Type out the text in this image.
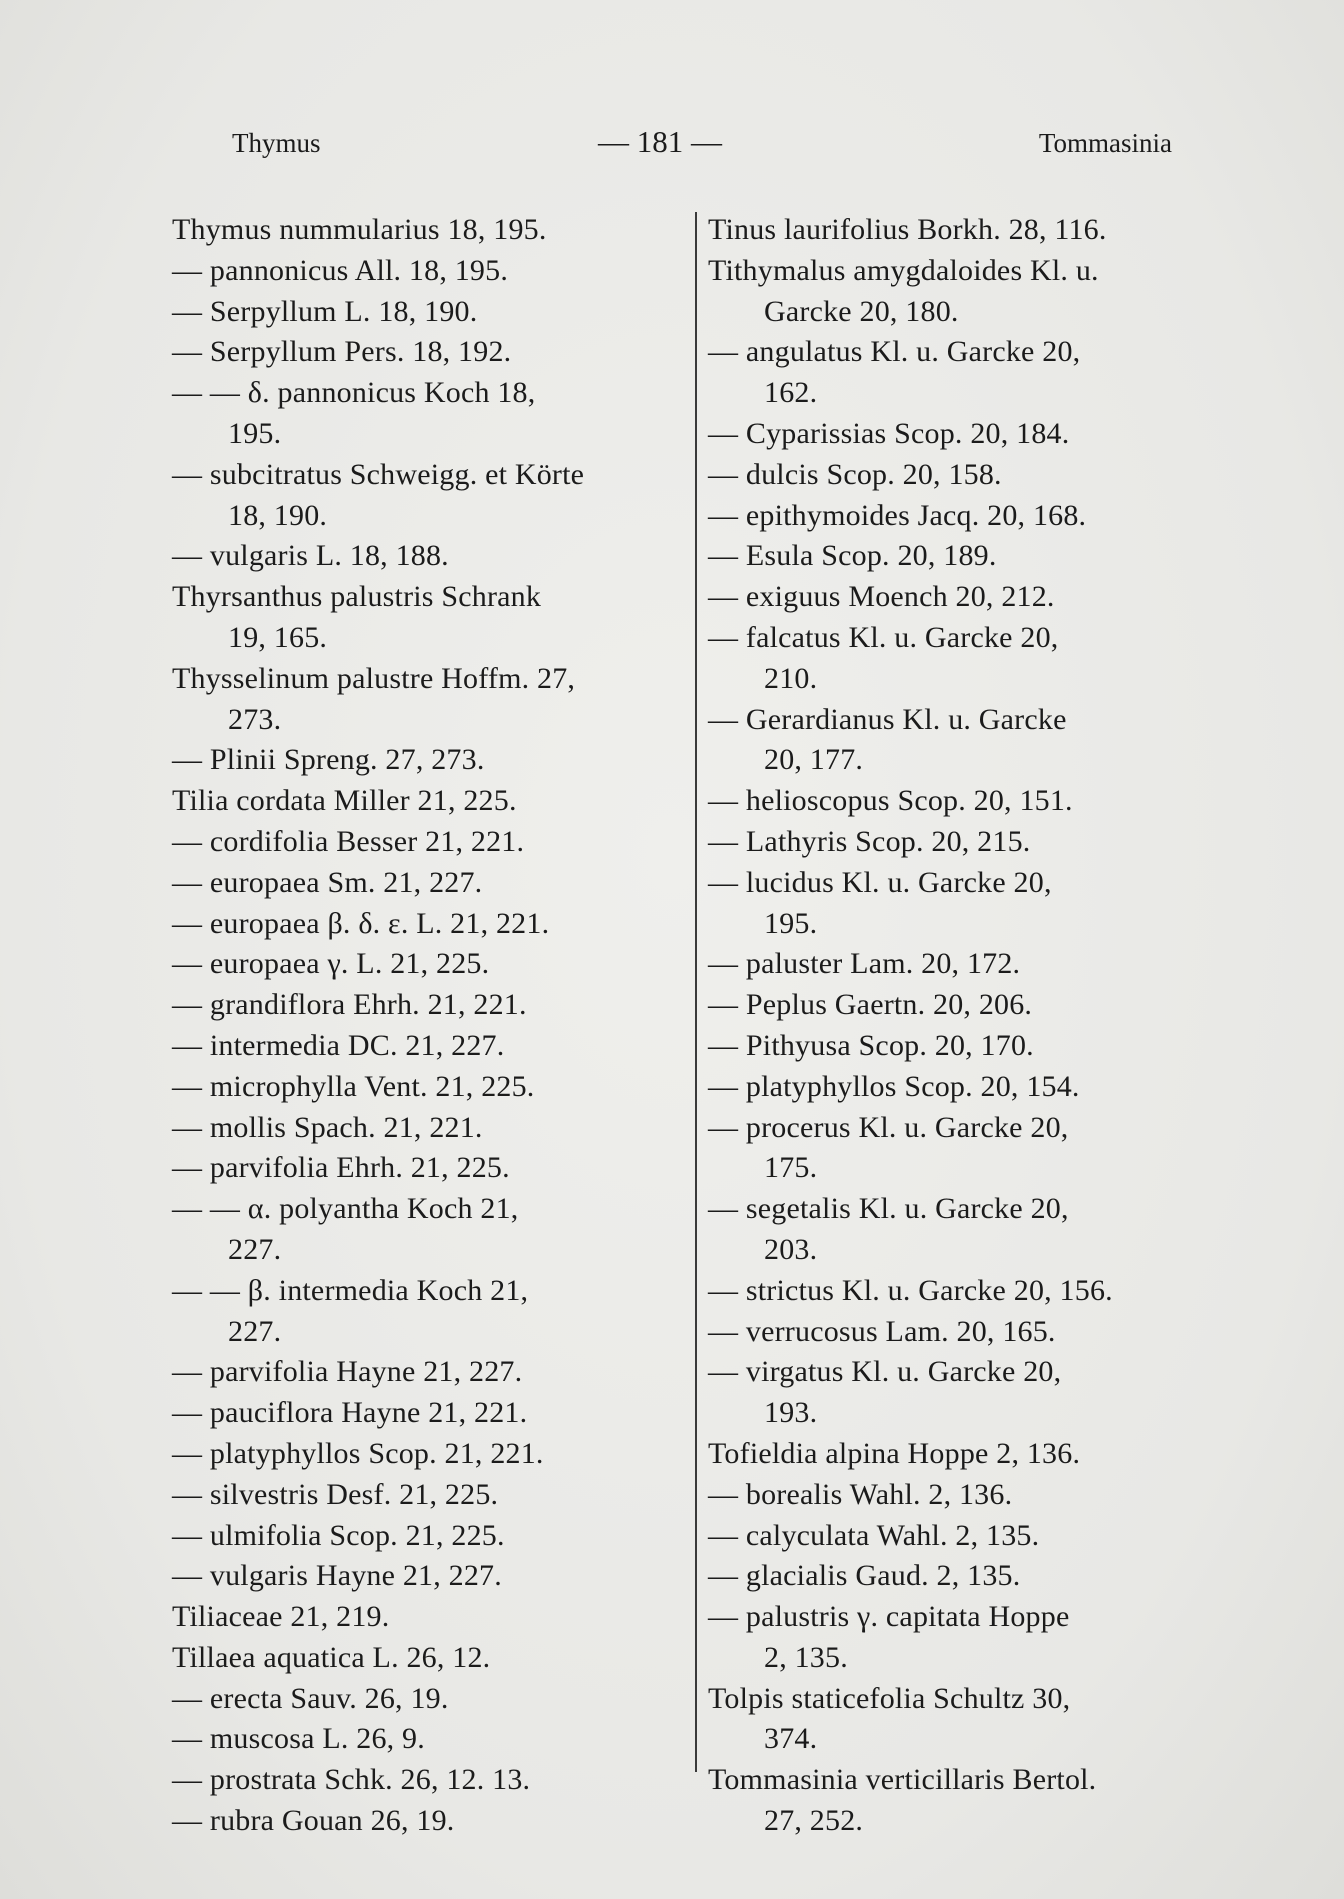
Thymus	— 181 —	Tommasinia
Thymus nummularius 18, 195.
— pannonicus All. 18, 195.
— Serpyllum L. 18, 190.
— Serpyllum Pers. 18, 192.
— — δ. pannonicus Koch 18,
195.
— subcitratus Schweigg. et Körte
18, 190.
— vulgaris L. 18, 188.
Thyrsanthus palustris Schrank
19, 165.
Thysselinum palustre Hoffm. 27,
273.
— Plinii Spreng. 27, 273.
Tilia cordata Miller 21, 225.
— cordifolia Besser 21, 221.
— europaea Sm. 21, 227.
— europaea β. δ. ε. L. 21, 221.
— europaea γ. L. 21, 225.
— grandiflora Ehrh. 21, 221.
— intermedia DC. 21, 227.
— microphylla Vent. 21, 225.
— mollis Spach. 21, 221.
— parvifolia Ehrh. 21, 225.
— — α. polyantha Koch 21,
227.
— — β. intermedia Koch 21,
227.
— parvifolia Hayne 21, 227.
— pauciflora Hayne 21, 221.
— platyphyllos Scop. 21, 221.
— silvestris Desf. 21, 225.
— ulmifolia Scop. 21, 225.
— vulgaris Hayne 21, 227.
Tiliaceae 21, 219.
Tillaea aquatica L. 26, 12.
— erecta Sauv. 26, 19.
— muscosa L. 26, 9.
— prostrata Schk. 26, 12. 13.
— rubra Gouan 26, 19.
Tinus laurifolius Borkh. 28, 116.
Tithymalus amygdaloides Kl. u.
Garcke 20, 180.
— angulatus Kl. u. Garcke 20,
162.
— Cyparissias Scop. 20, 184.
— dulcis Scop. 20, 158.
— epithymoides Jacq. 20, 168.
— Esula Scop. 20, 189.
— exiguus Moench 20, 212.
— falcatus Kl. u. Garcke 20,
210.
— Gerardianus Kl. u. Garcke
20, 177.
— helioscopus Scop. 20, 151.
— Lathyris Scop. 20, 215.
— lucidus Kl. u. Garcke 20,
195.
— paluster Lam. 20, 172.
— Peplus Gaertn. 20, 206.
— Pithyusa Scop. 20, 170.
— platyphyllos Scop. 20, 154.
— procerus Kl. u. Garcke 20,
175.
— segetalis Kl. u. Garcke 20,
203.
— strictus Kl. u. Garcke 20, 156.
— verrucosus Lam. 20, 165.
— virgatus Kl. u. Garcke 20,
193.
Tofieldia alpina Hoppe 2, 136.
— borealis Wahl. 2, 136.
— calyculata Wahl. 2, 135.
— glacialis Gaud. 2, 135.
— palustris γ. capitata Hoppe
2, 135.
Tolpis staticefolia Schultz 30,
374.
Tommasinia verticillaris Bertol.
27, 252.
